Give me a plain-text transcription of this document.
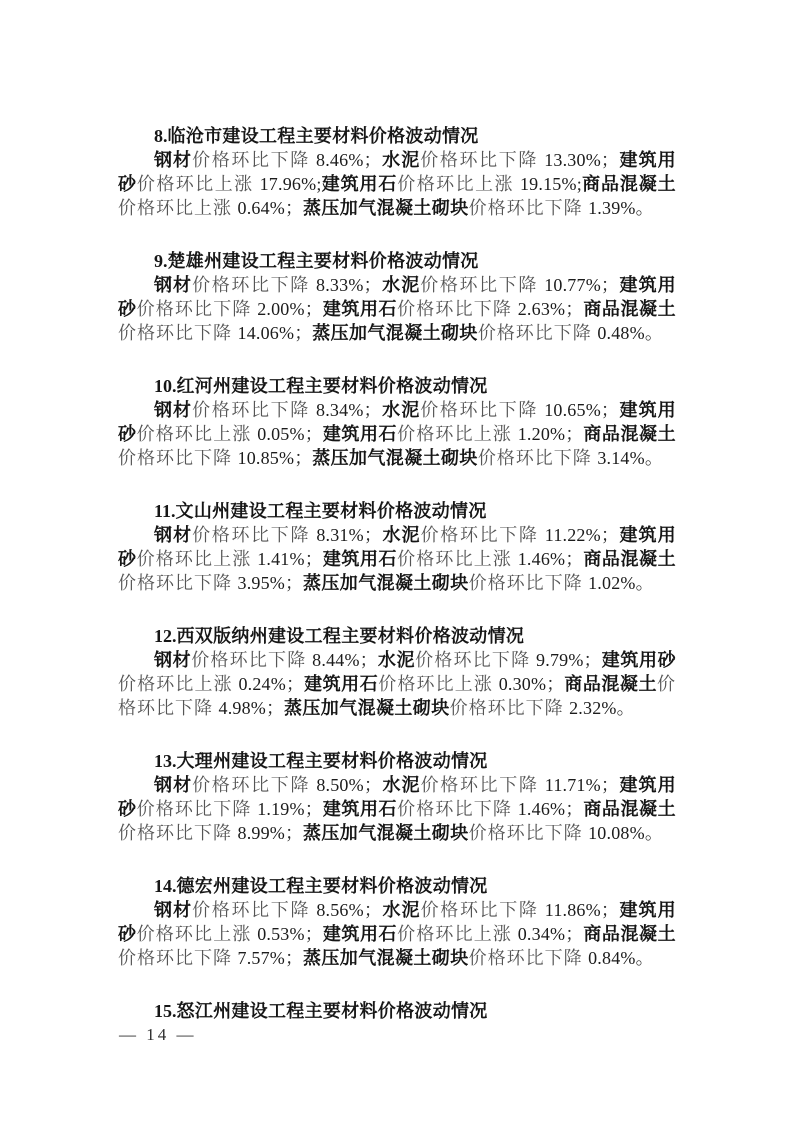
8.临沧市建设工程主要材料价格波动情况

钢材价格环比下降 8.46%；水泥价格环比下降 13.30%；建筑用砂价格环比上涨 17.96%;建筑用石价格环比上涨 19.15%;商品混凝土价格环比上涨 0.64%；蒸压加气混凝土砌块价格环比下降 1.39%。

9.楚雄州建设工程主要材料价格波动情况

钢材价格环比下降 8.33%；水泥价格环比下降 10.77%；建筑用砂价格环比下降 2.00%；建筑用石价格环比下降 2.63%；商品混凝土价格环比下降 14.06%；蒸压加气混凝土砌块价格环比下降 0.48%。

10.红河州建设工程主要材料价格波动情况

钢材价格环比下降 8.34%；水泥价格环比下降 10.65%；建筑用砂价格环比上涨 0.05%；建筑用石价格环比上涨 1.20%；商品混凝土价格环比下降 10.85%；蒸压加气混凝土砌块价格环比下降 3.14%。

11.文山州建设工程主要材料价格波动情况

钢材价格环比下降 8.31%；水泥价格环比下降 11.22%；建筑用砂价格环比上涨 1.41%；建筑用石价格环比上涨 1.46%；商品混凝土价格环比下降 3.95%；蒸压加气混凝土砌块价格环比下降 1.02%。

12.西双版纳州建设工程主要材料价格波动情况

钢材价格环比下降 8.44%；水泥价格环比下降 9.79%；建筑用砂价格环比上涨 0.24%；建筑用石价格环比上涨 0.30%；商品混凝土价格环比下降 4.98%；蒸压加气混凝土砌块价格环比下降 2.32%。

13.大理州建设工程主要材料价格波动情况

钢材价格环比下降 8.50%；水泥价格环比下降 11.71%；建筑用砂价格环比下降 1.19%；建筑用石价格环比下降 1.46%；商品混凝土价格环比下降 8.99%；蒸压加气混凝土砌块价格环比下降 10.08%。

14.德宏州建设工程主要材料价格波动情况

钢材价格环比下降 8.56%；水泥价格环比下降 11.86%；建筑用砂价格环比上涨 0.53%；建筑用石价格环比上涨 0.34%；商品混凝土价格环比下降 7.57%；蒸压加气混凝土砌块价格环比下降 0.84%。

15.怒江州建设工程主要材料价格波动情况
— 14 —
